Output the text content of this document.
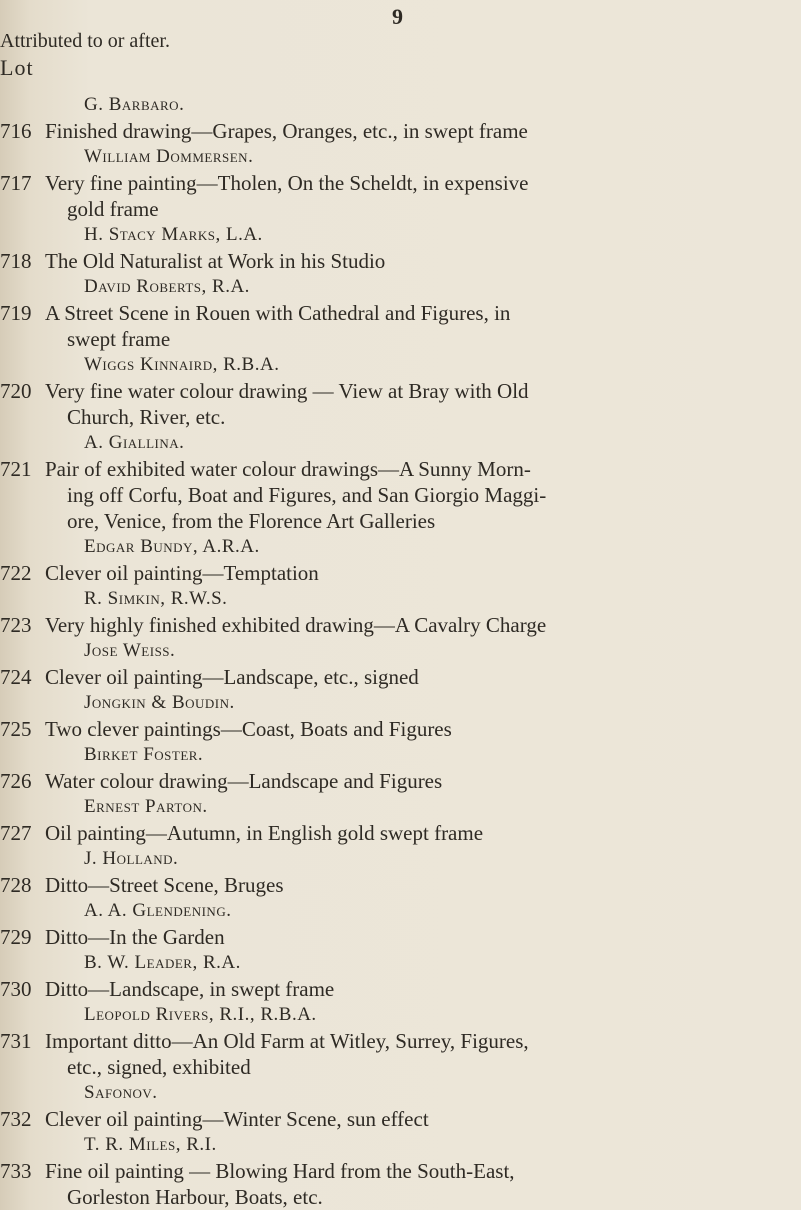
9
Attributed to or after.
Lot
G. Barbaro.
716 Finished drawing—Grapes, Oranges, etc., in swept frame
William Dommersen.
717 Very fine painting—Tholen, On the Scheldt, in expensive
gold frame
H. Stacy Marks, L.A.
718 The Old Naturalist at Work in his Studio
David Roberts, R.A.
719 A Street Scene in Rouen with Cathedral and Figures, in
swept frame
Wiggs Kinnaird, R.B.A.
720 Very fine water colour drawing — View at Bray with Old
Church, River, etc.
A. Giallina.
721 Pair of exhibited water colour drawings—A Sunny Morn-
ing off Corfu, Boat and Figures, and San Giorgio Maggi-
ore, Venice, from the Florence Art Galleries
Edgar Bundy, A.R.A.
722 Clever oil painting—Temptation
R. Simkin, R.W.S.
723 Very highly finished exhibited drawing—A Cavalry Charge
Jose Weiss.
724 Clever oil painting—Landscape, etc., signed
Jongkin & Boudin.
725 Two clever paintings—Coast, Boats and Figures
Birket Foster.
726 Water colour drawing—Landscape and Figures
Ernest Parton.
727 Oil painting—Autumn, in English gold swept frame
J. Holland.
728 Ditto—Street Scene, Bruges
A. A. Glendening.
729 Ditto—In the Garden
B. W. Leader, R.A.
730 Ditto—Landscape, in swept frame
Leopold Rivers, R.I., R.B.A.
731 Important ditto—An Old Farm at Witley, Surrey, Figures,
etc., signed, exhibited
Safonov.
732 Clever oil painting—Winter Scene, sun effect
T. R. Miles, R.I.
733 Fine oil painting — Blowing Hard from the South-East,
Gorleston Harbour, Boats, etc.
